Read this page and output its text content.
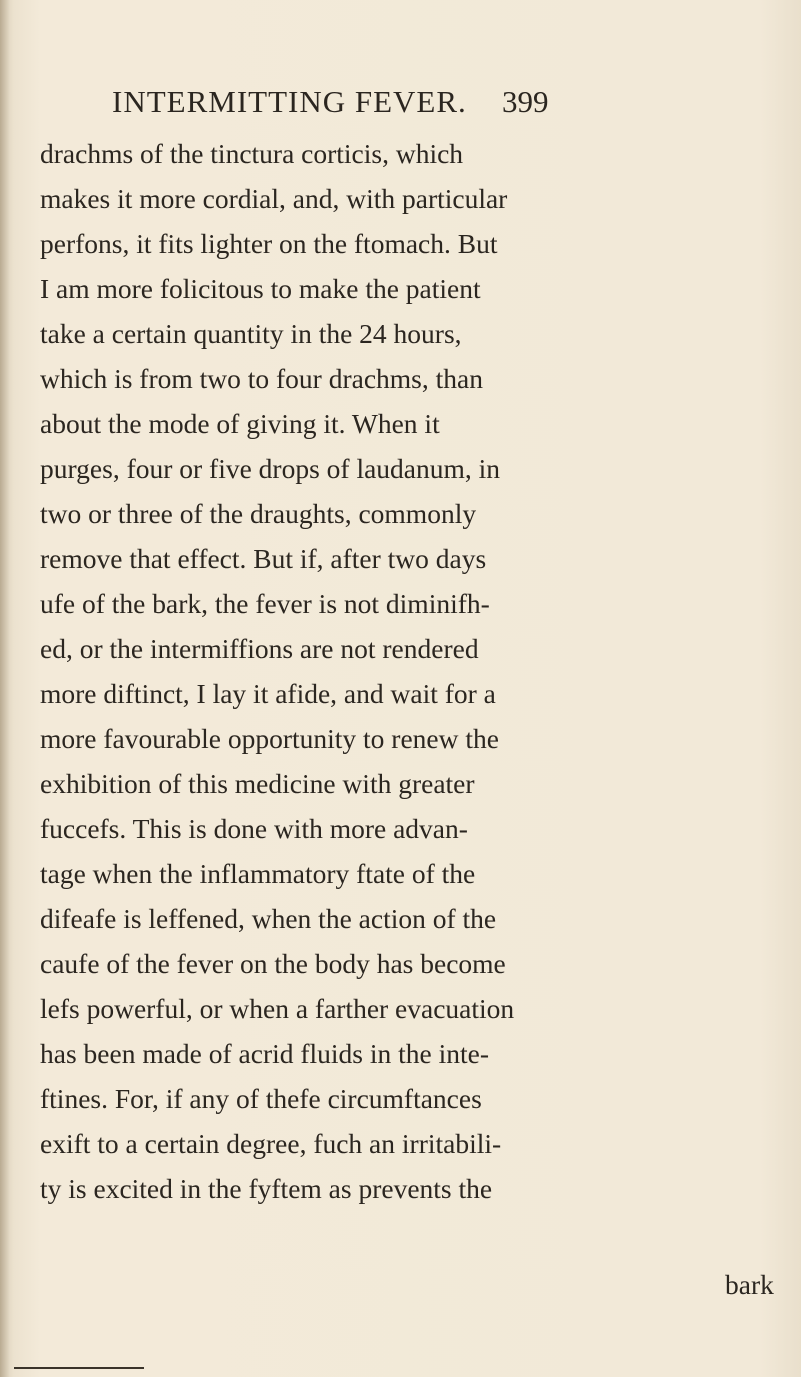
INTERMITTING FEVER. 399
drachms of the tinctura corticis, which
makes it more cordial, and, with particular
perfons, it fits lighter on the ftomach. But
I am more folicitous to make the patient
take a certain quantity in the 24 hours,
which is from two to four drachms, than
about the mode of giving it. When it
purges, four or five drops of laudanum, in
two or three of the draughts, commonly
remove that effect. But if, after two days
ufe of the bark, the fever is not diminifh-
ed, or the intermiffions are not rendered
more diftinct, I lay it afide, and wait for a
more favourable opportunity to renew the
exhibition of this medicine with greater
fuccefs. This is done with more advan-
tage when the inflammatory ftate of the
difeafe is leffened, when the action of the
caufe of the fever on the body has become
lefs powerful, or when a farther evacuation
has been made of acrid fluids in the inte-
ftines. For, if any of thefe circumftances
exift to a certain degree, fuch an irritabili-
ty is excited in the fyftem as prevents the
bark
